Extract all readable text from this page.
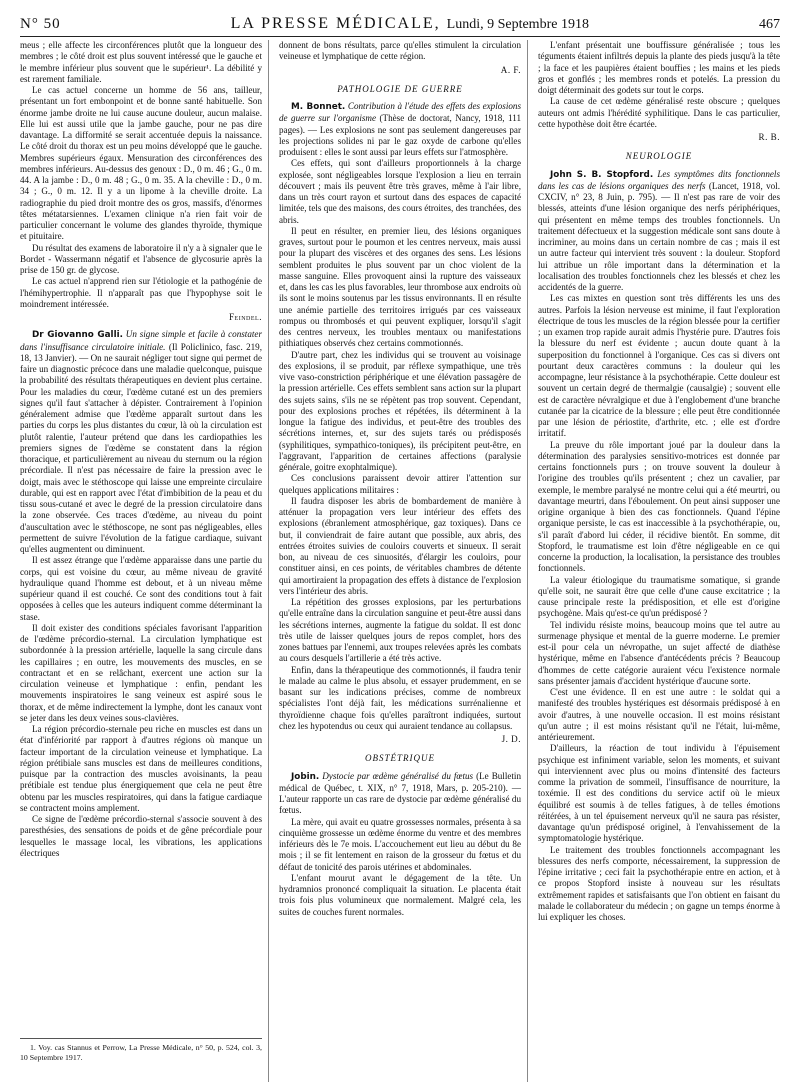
N° 50	LA PRESSE MÉDICALE, Lundi, 9 Septembre 1918	467

meus ; elle affecte les circonférences plutôt que la longueur des membres ; le côté droit est plus souvent intéressé que le gauche et le membre inférieur plus souvent que le supérieur¹. La débilité y est rarement familiale.

Le cas actuel concerne un homme de 56 ans, tailleur, présentant un fort embonpoint et de bonne santé habituelle. Son énorme jambe droite ne lui cause aucune douleur, aucun malaise. Elle lui est aussi utile que la jambe gauche, pour ne pas dire davantage. La difformité se serait accentuée depuis la naissance. Le côté droit du thorax est un peu moins développé que le gauche. Membres supérieurs égaux. Mensuration des circonférences des membres inférieurs. Au-dessus des genoux : D., 0 m. 46 ; G., 0 m. 44. A la jambe : D., 0 m. 48 ; G., 0 m. 35. A la cheville : D., 0 m. 34 ; G., 0 m. 12. Il y a un lipome à la cheville droite. La radiographie du pied droit montre des os gros, massifs, d'énormes têtes métatarsiennes. L'examen clinique n'a rien fait voir de particulier concernant le volume des glandes thyroïde, thymique et pituitaire.

Du résultat des examens de laboratoire il n'y a à signaler que le Bordet - Wassermann négatif et l'absence de glycosurie après la prise de 150 gr. de glycose.

Le cas actuel n'apprend rien sur l'étiologie et la pathogénie de l'hémihypertrophie. Il n'apparaît pas que l'hypophyse soit le moindrement intéressée.

Feindel.

Dr Giovanno Galli. Un signe simple et facile à constater dans l'insuffisance circulatoire initiale. (Il Policlinico, fasc. 219, 18, 13 Janvier). — On ne saurait négliger tout signe qui permet de faire un diagnostic précoce dans une maladie quelconque, puisque la probabilité des résultats thérapeutiques en devient plus certaine. Pour les maladies du cœur, l'œdème cutané est un des premiers signes qu'il faut s'attacher à dépister. Contrairement à l'opinion généralement admise que l'œdème apparaît surtout dans les parties du corps les plus distantes du cœur, là où la circulation est plutôt ralentie, l'auteur prétend que dans les cardiopathies les premiers signes de l'œdème se constatent dans la région thoracique, et particulièrement au niveau du sternum ou la région précordiale. Il n'est pas nécessaire de faire la pression avec le doigt, mais avec le stéthoscope qui laisse une empreinte circulaire durable, qui est en rapport avec l'état d'imbibition de la peau et du tissu sous-cutané et avec le degré de la pression circulatoire dans la zone observée. Ces traces d'œdème, au niveau du point d'auscultation avec le stéthoscope, ne sont pas négligeables, elles permettent de suivre l'évolution de la fatigue cardiaque, suivant qu'elles augmentent ou diminuent.

Il est assez étrange que l'œdème apparaisse dans une partie du corps, qui est voisine du cœur, au même niveau de gravité hydraulique quand l'homme est debout, et à un niveau même supérieur quand il est couché. Ce sont des conditions tout à fait opposées à celles que les auteurs indiquent comme déterminant la stase.

Il doit exister des conditions spéciales favorisant l'apparition de l'œdème précordio-sternal. La circulation lymphatique est subordonnée à la pression artérielle, laquelle la sang circule dans les capillaires ; en outre, les mouvements des muscles, en se contractant et en se relâchant, exercent une action sur la circulation veineuse et lymphatique : enfin, pendant les mouvements inspiratoires le sang veineux est aspiré sous le thorax, et de même indirectement la lymphe, dont les canaux vont se jeter dans les deux veines sous-clavières.

La région précordio-sternale peu riche en muscles est dans un état d'infériorité par rapport à d'autres régions où manque un facteur important de la circulation veineuse et lymphatique. La région prétibiale sans muscles est dans de meilleures conditions, puisque par la contraction des muscles avoisinants, la peau prétibiale est tendue plus énergiquement que cela ne peut être obtenu par les muscles respiratoires, qui dans la fatigue cardiaque se contractent moins amplement.

Ce signe de l'œdème précordio-sternal s'associe souvent à des paresthésies, des sensations de poids et de gêne précordiale pour lesquelles le massage local, les vibrations, les applications électriques

1. Voy. cas Stannus et Perrow, La Presse Médicale, n° 50, p. 524, col. 3, 10 Septembre 1917.

donnent de bons résultats, parce qu'elles stimulent la circulation veineuse et lymphatique de cette région.

A. F.
PATHOLOGIE DE GUERRE

M. Bonnet. Contribution à l'étude des effets des explosions de guerre sur l'organisme (Thèse de doctorat, Nancy, 1918, 111 pages). — Les explosions ne sont pas seulement dangereuses par les projections solides ni par le gaz oxyde de carbone qu'elles produisent : elles le sont aussi par leurs effets sur l'atmosphère.

Ces effets, qui sont d'ailleurs proportionnels à la charge explosée, sont négligeables lorsque l'explosion a lieu en terrain découvert ; mais ils peuvent être très graves, même à l'air libre, dans un très court rayon et surtout dans des espaces de capacité limitée, tels que des maisons, des cours étroites, des tranchées, des abris.

Il peut en résulter, en premier lieu, des lésions organiques graves, surtout pour le poumon et les centres nerveux, mais aussi pour la plupart des viscères et des organes des sens. Les lésions semblent produites le plus souvent par un choc violent de la masse sanguine. Elles provoquent ainsi la rupture des vaisseaux et, dans les cas les plus favorables, leur thrombose aux endroits où ils sont le moins soutenus par les tissus environnants. Il en résulte une anémie partielle des territoires irrigués par ces vaisseaux rompus ou thrombosés et qui peuvent expliquer, lorsqu'il s'agit des centres nerveux, les troubles mentaux ou manifestations pithiatiques observés chez certains commotionnés.

D'autre part, chez les individus qui se trouvent au voisinage des explosions, il se produit, par réflexe sympathique, une très vive vaso-constriction périphérique et une élévation passagère de la pression artérielle. Ces effets semblent sans action sur la plupart des sujets sains, s'ils ne se répètent pas trop souvent. Cependant, pour des explosions proches et répétées, ils déterminent à la longue la fatigue des individus, et peut-être des troubles des sécrétions internes, et, sur des sujets tarés ou prédisposés (syphilitiques, sympathico-toniques), ils précipitent peut-être, en l'aggravant, l'apparition de certaines affections (paralysie générale, goitre exophtalmique).

Ces conclusions paraissent devoir attirer l'attention sur quelques applications militaires :

Il faudra disposer les abris de bombardement de manière à atténuer la propagation vers leur intérieur des effets des explosions (ébranlement atmosphérique, gaz toxiques). Dans ce but, il conviendrait de faire autant que possible, aux abris, des entrées étroites suivies de couloirs couverts et sinueux. Il serait bon, au niveau de ces sinuosités, d'élargir les couloirs, pour constituer ainsi, en ces points, de véritables chambres de détente qui amortiraient la propagation des effets à distance de l'explosion vers l'intérieur des abris.

La répétition des grosses explosions, par les perturbations qu'elle entraîne dans la circulation sanguine et peut-être aussi dans les sécrétions internes, augmente la fatigue du soldat. Il est donc très utile de laisser quelques jours de repos complet, hors des zones battues par l'ennemi, aux troupes relevées après les combats au cours desquels l'artillerie a été très active.

Enfin, dans la thérapeutique des commotionnés, il faudra tenir le malade au calme le plus absolu, et essayer prudemment, en se basant sur les indications précises, comme de nombreux spécialistes l'ont déjà fait, les médications surrénalienne et thyroïdienne chaque fois qu'elles paraîtront indiquées, surtout chez les hypotendus ou ceux qui auraient tendance au collapsus.

J. D.
OBSTÉTRIQUE

Jobin. Dystocie par œdème généralisé du fœtus (Le Bulletin médical de Québec, t. XIX, n° 7, 1918, Mars, p. 205-210). — L'auteur rapporte un cas rare de dystocie par œdème généralisé du fœtus.

La mère, qui avait eu quatre grossesses normales, présenta à sa cinquième grossesse un œdème énorme du ventre et des membres inférieurs dès le 7e mois. L'accouchement eut lieu au début du 8e mois ; il se fit lentement en raison de la grosseur du fœtus et du défaut de tonicité des parois utérines et abdominales.

L'enfant mourut avant le dégagement de la tête. Un hydramnios prononcé compliquait la situation. Le placenta était trois fois plus volumineux que normalement. Malgré cela, les suites de couches furent normales.

L'enfant présentait une bouffissure généralisée ; tous les téguments étaient infiltrés depuis la plante des pieds jusqu'à la tête ; la face et les paupières étaient bouffies ; les mains et les pieds gros et gonflés ; les membres ronds et potelés. La pression du doigt déterminait des godets sur tout le corps.

La cause de cet œdème généralisé reste obscure ; quelques auteurs ont admis l'hérédité syphilitique. Dans le cas particulier, cette hypothèse doit être écartée.

R. B.
NEUROLOGIE

John S. B. Stopford. Les symptômes dits fonctionnels dans les cas de lésions organiques des nerfs (Lancet, 1918, vol. CXCIV, n° 23, 8 Juin, p. 795). — Il n'est pas rare de voir des blessés, atteints d'une lésion organique des nerfs périphériques, qui présentent en même temps des troubles fonctionnels. Un traitement défectueux et la suggestion médicale sont sans doute à incriminer, au moins dans un certain nombre de cas ; mais il est un autre facteur qui intervient très souvent : la douleur. Stopford lui attribue un rôle important dans la détermination et la localisation des troubles fonctionnels chez les blessés et chez les accidentés de la guerre.

Les cas mixtes en question sont très différents les uns des autres. Parfois la lésion nerveuse est minime, il faut l'exploration électrique de tous les muscles de la région blessée pour la certifier ; un examen trop rapide aurait admis l'hystérie pure. D'autres fois la blessure du nerf est évidente ; aucun doute quant à la superposition du fonctionnel à l'organique. Ces cas si divers ont pourtant deux caractères communs : la douleur qui les accompagne, leur résistance à la psychothérapie. Cette douleur est souvent un certain degré de thermalgie (causalgie) ; souvent elle est de caractère névralgique et due à l'englobement d'une branche cutanée par la cicatrice de la blessure ; elle peut être conditionnée par une lésion de périostite, d'arthrite, etc. ; elle est d'ordre irritatif.

La preuve du rôle important joué par la douleur dans la détermination des paralysies sensitivo-motrices est donnée par certains fonctionnels purs ; on trouve souvent la douleur à l'origine des troubles qu'ils présentent ; chez un cavalier, par exemple, le membre paralysé ne montre celui qui a été meurtri, ou davantage meurtri, dans l'éboulement. On peut ainsi supposer une origine organique à bien des cas fonctionnels. Quand l'épine organique persiste, le cas est inaccessible à la psychothérapie, ou, s'il paraît d'abord lui céder, il récidive bientôt. En somme, dit Stopford, le traumatisme est loin d'être négligeable en ce qui concerne la production, la localisation, la persistance des troubles fonctionnels.

La valeur étiologique du traumatisme somatique, si grande qu'elle soit, ne saurait être que celle d'une cause excitatrice ; la cause principale reste la prédisposition, et elle est d'origine psychogène. Mais qu'est-ce qu'un prédisposé ?

Tel individu résiste moins, beaucoup moins que tel autre au surmenage physique et mental de la guerre moderne. Le premier est-il pour cela un névropathe, un sujet affecté de diathèse hystérique, même en l'absence d'antécédents précis ? Beaucoup d'hommes de cette catégorie auraient vécu l'existence normale sans présenter jamais d'accident hystérique d'aucune sorte.

C'est une évidence. Il en est une autre : le soldat qui a manifesté des troubles hystériques est désormais prédisposé à en avoir d'autres, à une nouvelle occasion. Il est moins résistant qu'un autre ; il est moins résistant qu'il ne l'était, lui-même, antérieurement.

D'ailleurs, la réaction de tout individu à l'épuisement psychique est infiniment variable, selon les moments, et suivant qui interviennent avec plus ou moins d'intensité des facteurs comme la privation de sommeil, l'insuffisance de nourriture, la toxémie. Il est des conditions du service actif où le mieux équilibré est soumis à de telles fatigues, à de telles émotions réitérées, à un tel épuisement nerveux qu'il ne saura pas résister, davantage qu'un prédisposé originel, à l'envahissement de la symptomatologie hystérique.

Le traitement des troubles fonctionnels accompagnant les blessures des nerfs comporte, nécessairement, la suppression de l'épine irritative ; ceci fait la psychothérapie entre en action, et à ce propos Stopford insiste à nouveau sur les résultats extrêmement rapides et satisfaisants que l'on obtient en faisant du malade le collaborateur du médecin ; on gagne un temps énorme à lui expliquer les choses.
